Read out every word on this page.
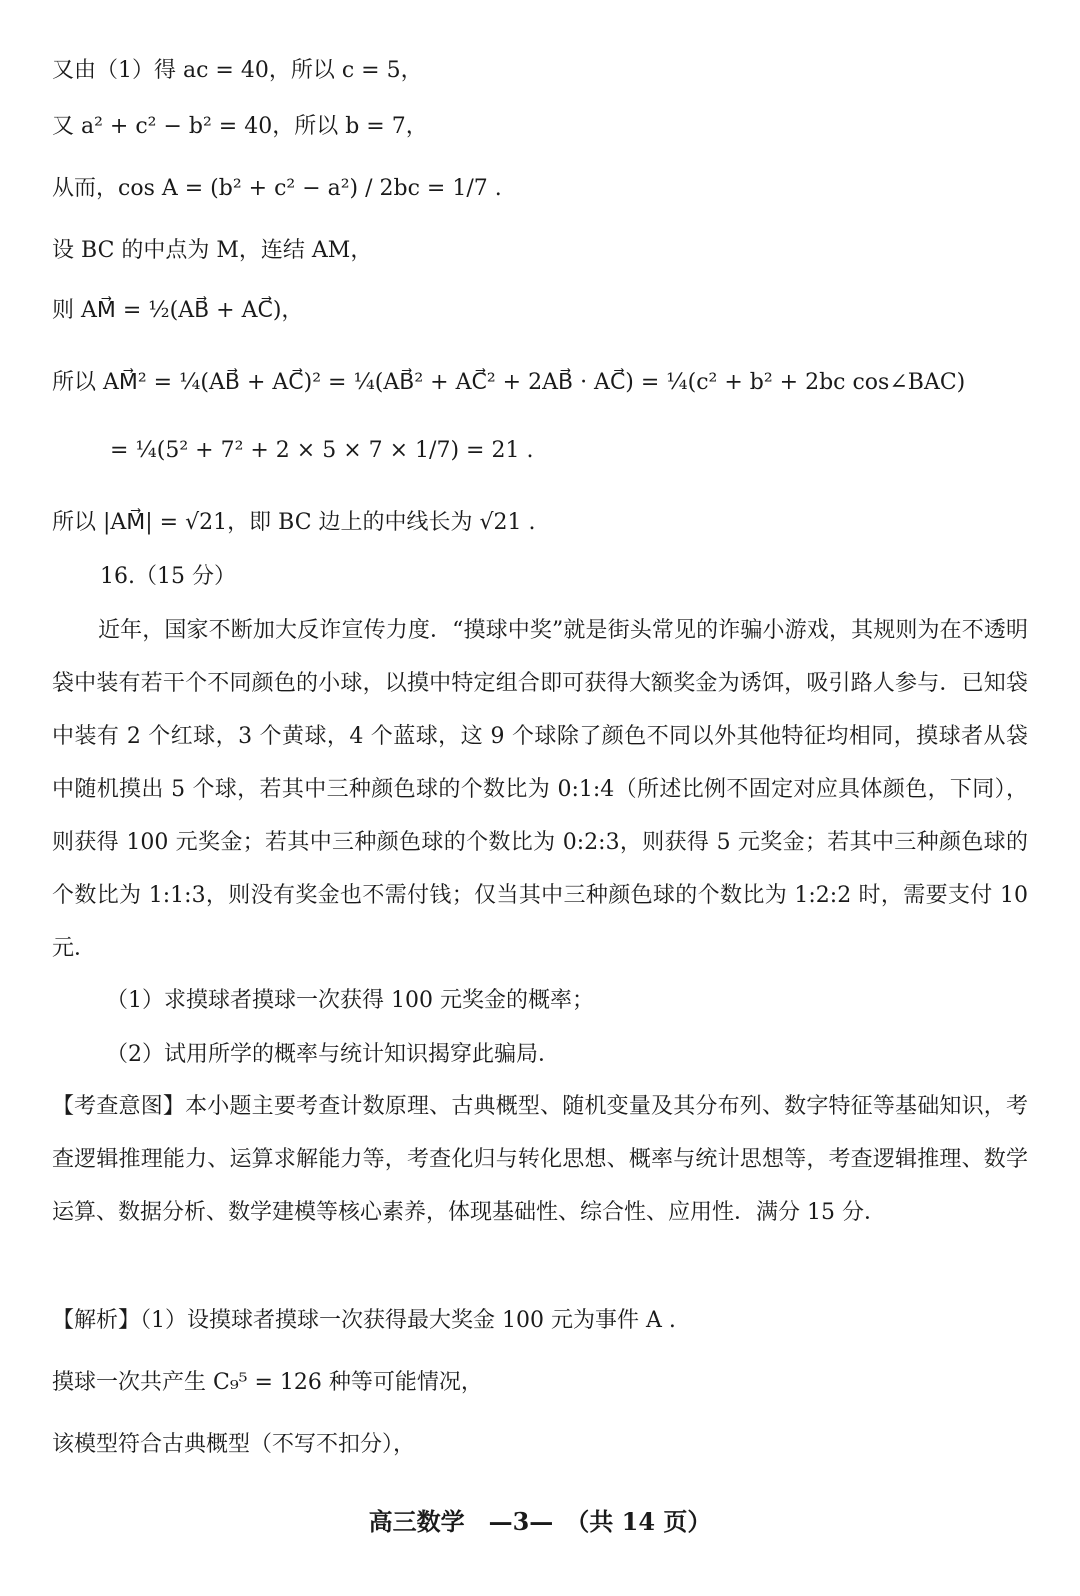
又由（1）得 ac = 40，所以 c = 5，
又 a² + c² − b² = 40，所以 b = 7，
从而，cos A = (b² + c² − a²) / 2bc = 1/7 .
设 BC 的中点为 M，连结 AM，
则 AM⃗ = ½(AB⃗ + AC⃗)，
所以 AM⃗² = ¼(AB⃗ + AC⃗)² = ¼(AB⃗² + AC⃗² + 2AB⃗ · AC⃗) = ¼(c² + b² + 2bc cos∠BAC)
= ¼(5² + 7² + 2 × 5 × 7 × 1/7) = 21 .
所以 |AM⃗| = √21，即 BC 边上的中线长为 √21 .
16.（15 分）
近年，国家不断加大反诈宣传力度．“摸球中奖”就是街头常见的诈骗小游戏，其规则为在不透明袋中装有若干个不同颜色的小球，以摸中特定组合即可获得大额奖金为诱饵，吸引路人参与．已知袋中装有 2 个红球，3 个黄球，4 个蓝球，这 9 个球除了颜色不同以外其他特征均相同，摸球者从袋中随机摸出 5 个球，若其中三种颜色球的个数比为 0:1:4（所述比例不固定对应具体颜色，下同），则获得 100 元奖金；若其中三种颜色球的个数比为 0:2:3，则获得 5 元奖金；若其中三种颜色球的个数比为 1:1:3，则没有奖金也不需付钱；仅当其中三种颜色球的个数比为 1:2:2 时，需要支付 10 元．
（1）求摸球者摸球一次获得 100 元奖金的概率；
（2）试用所学的概率与统计知识揭穿此骗局．
【考查意图】本小题主要考查计数原理、古典概型、随机变量及其分布列、数字特征等基础知识，考查逻辑推理能力、运算求解能力等，考查化归与转化思想、概率与统计思想等，考查逻辑推理、数学运算、数据分析、数学建模等核心素养，体现基础性、综合性、应用性．满分 15 分．
【解析】（1）设摸球者摸球一次获得最大奖金 100 元为事件 A .
摸球一次共产生 C₉⁵ = 126 种等可能情况，
该模型符合古典概型（不写不扣分），
高三数学　—3—　（共 14 页）
